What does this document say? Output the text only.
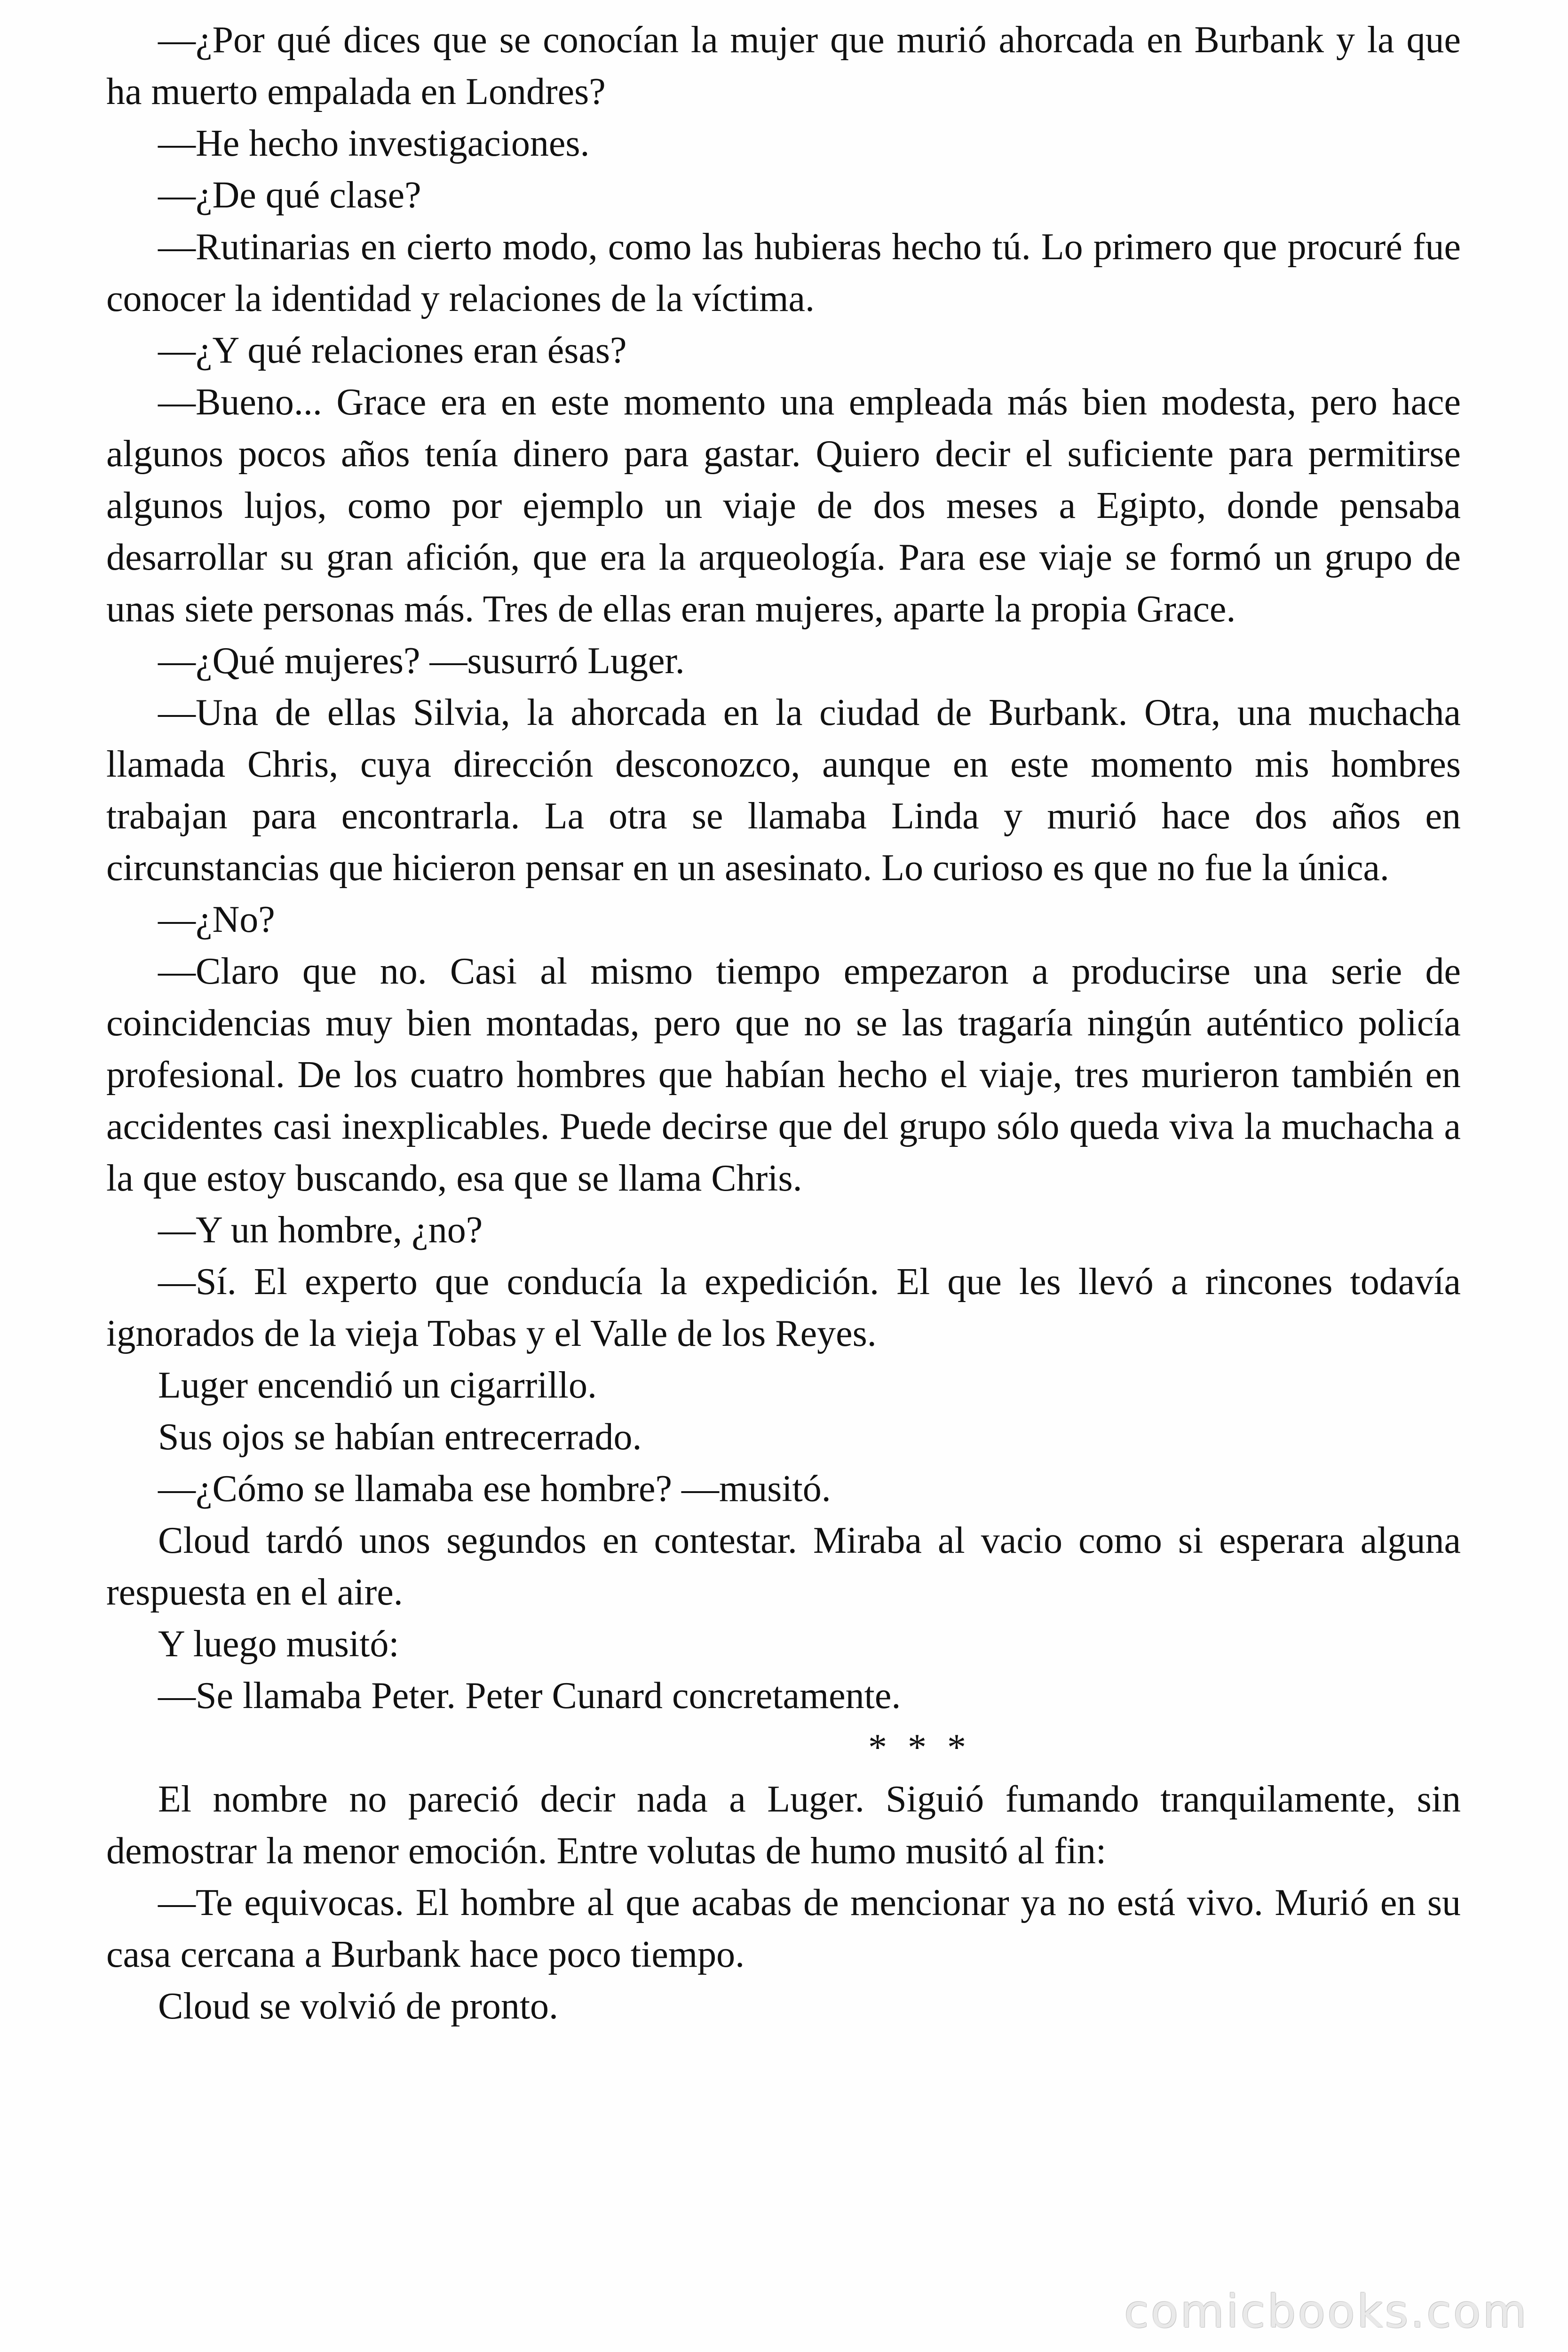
—¿Por qué dices que se conocían la mujer que murió ahorcada en Burbank y la que ha muerto empalada en Londres?

—He hecho investigaciones.

—¿De qué clase?

—Rutinarias en cierto modo, como las hubieras hecho tú. Lo primero que procuré fue conocer la identidad y relaciones de la víctima.

—¿Y qué relaciones eran ésas?

—Bueno... Grace era en este momento una empleada más bien modesta, pero hace algunos pocos años tenía dinero para gastar. Quiero decir el suficiente para permitirse algunos lujos, como por ejemplo un viaje de dos meses a Egipto, donde pensaba desarrollar su gran afición, que era la arqueología. Para ese viaje se formó un grupo de unas siete personas más. Tres de ellas eran mujeres, aparte la propia Grace.

—¿Qué mujeres? —susurró Luger.

—Una de ellas Silvia, la ahorcada en la ciudad de Burbank. Otra, una muchacha llamada Chris, cuya dirección desconozco, aunque en este momento mis hombres trabajan para encontrarla. La otra se llamaba Linda y murió hace dos años en circunstancias que hicieron pensar en un asesinato. Lo curioso es que no fue la única.

—¿No?

—Claro que no. Casi al mismo tiempo empezaron a producirse una serie de coincidencias muy bien montadas, pero que no se las tragaría ningún auténtico policía profesional. De los cuatro hombres que habían hecho el viaje, tres murieron también en accidentes casi inexplicables. Puede decirse que del grupo sólo queda viva la muchacha a la que estoy buscando, esa que se llama Chris.

—Y un hombre, ¿no?

—Sí. El experto que conducía la expedición. El que les llevó a rincones todavía ignorados de la vieja Tobas y el Valle de los Reyes.

Luger encendió un cigarrillo.

Sus ojos se habían entrecerrado.

—¿Cómo se llamaba ese hombre? —musitó.

Cloud tardó unos segundos en contestar. Miraba al vacio como si esperara alguna respuesta en el aire.

Y luego musitó:

—Se llamaba Peter. Peter Cunard concretamente.

* * *

El nombre no pareció decir nada a Luger. Siguió fumando tranquilamente, sin demostrar la menor emoción. Entre volutas de humo musitó al fin:

—Te equivocas. El hombre al que acabas de mencionar ya no está vivo. Murió en su casa cercana a Burbank hace poco tiempo.

Cloud se volvió de pronto.

comicbooks.com
